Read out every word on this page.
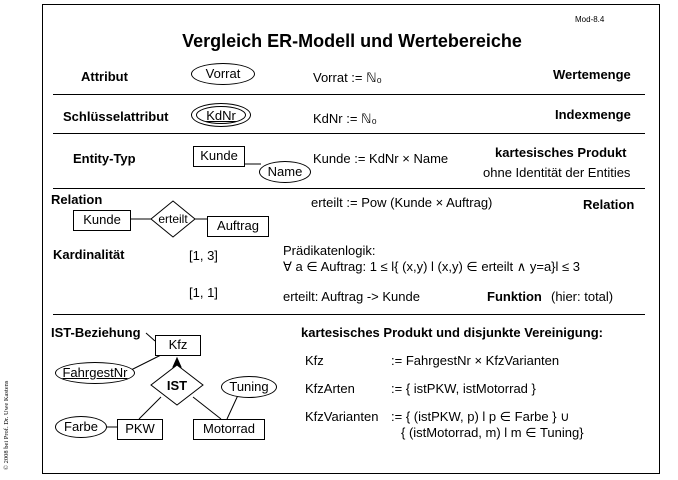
Mod-8.4
Vergleich ER-Modell und Wertebereiche
Attribut	Vorrat	Vorrat := ℕ₀	Wertemenge
Schlüsselattribut	KdNr	KdNr := ℕ₀	Indexmenge
Entity-Typ	Kunde
Name
Kunde := KdNr × Name	kartesisches Produkt
ohne Identität der Entities
Relation
Kunde	erteilt	Auftrag
erteilt := Pow (Kunde × Auftrag)	Relation
Kardinalität	[1, 3]	Prädikatenlogik:
∀ a ∈ Auftrag: 1 ≤ l{ (x,y) l (x,y) ∈ erteilt ∧ y=a}l ≤ 3
[1, 1]	erteilt: Auftrag -> Kunde	Funktion (hier: total)
IST-Beziehung
Kfz
FahrgestNr
IST	Tuning
Farbe	PKW	Motorrad
kartesisches Produkt und disjunkte Vereinigung:
Kfz	:= FahrgestNr × KfzVarianten
KfzArten	:= { istPKW, istMotorrad }
KfzVarianten := { (istPKW, p) l p ∈ Farbe } ∪
{ (istMotorrad, m) l m ∈ Tuning}
© 2008 bei Prof. Dr. Uwe Kastens
